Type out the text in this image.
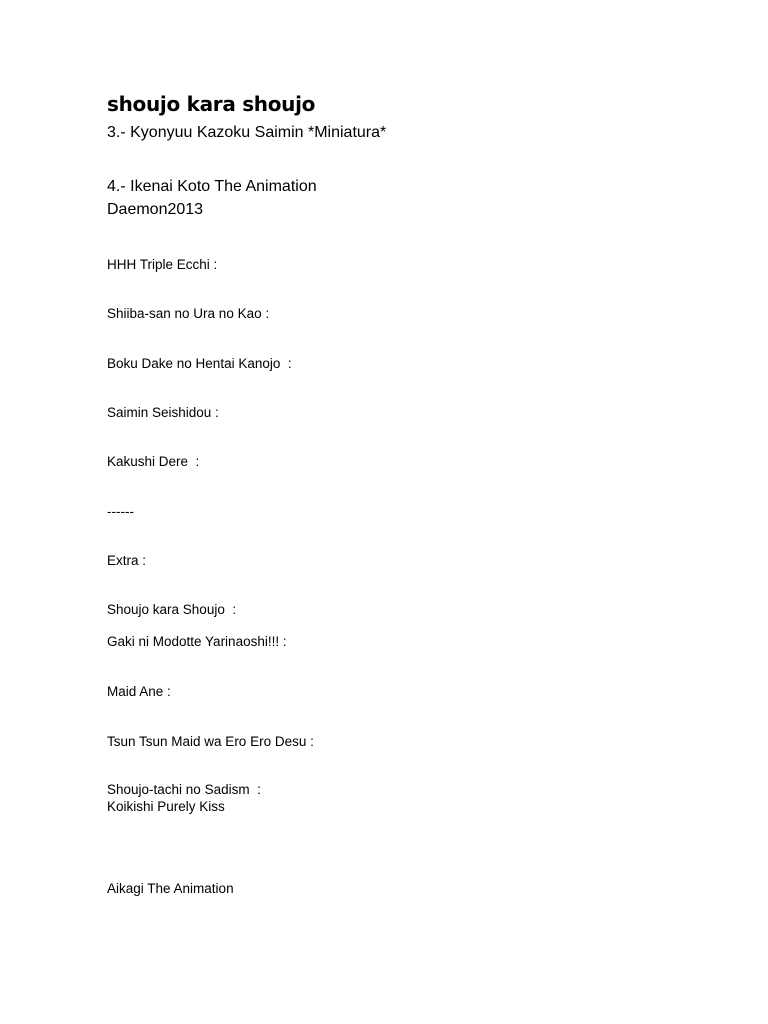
shoujo kara shoujo
3.- Kyonyuu Kazoku Saimin *Miniatura*
4.- Ikenai Koto The Animation
Daemon2013
HHH Triple Ecchi :
Shiiba-san no Ura no Kao :
Boku Dake no Hentai Kanojo  :
Saimin Seishidou :
Kakushi Dere  :
------
Extra :
Shoujo kara Shoujo  :
Gaki ni Modotte Yarinaoshi!!! :
Maid Ane :
Tsun Tsun Maid wa Ero Ero Desu :
Shoujo-tachi no Sadism  :
Koikishi Purely Kiss
Aikagi The Animation
